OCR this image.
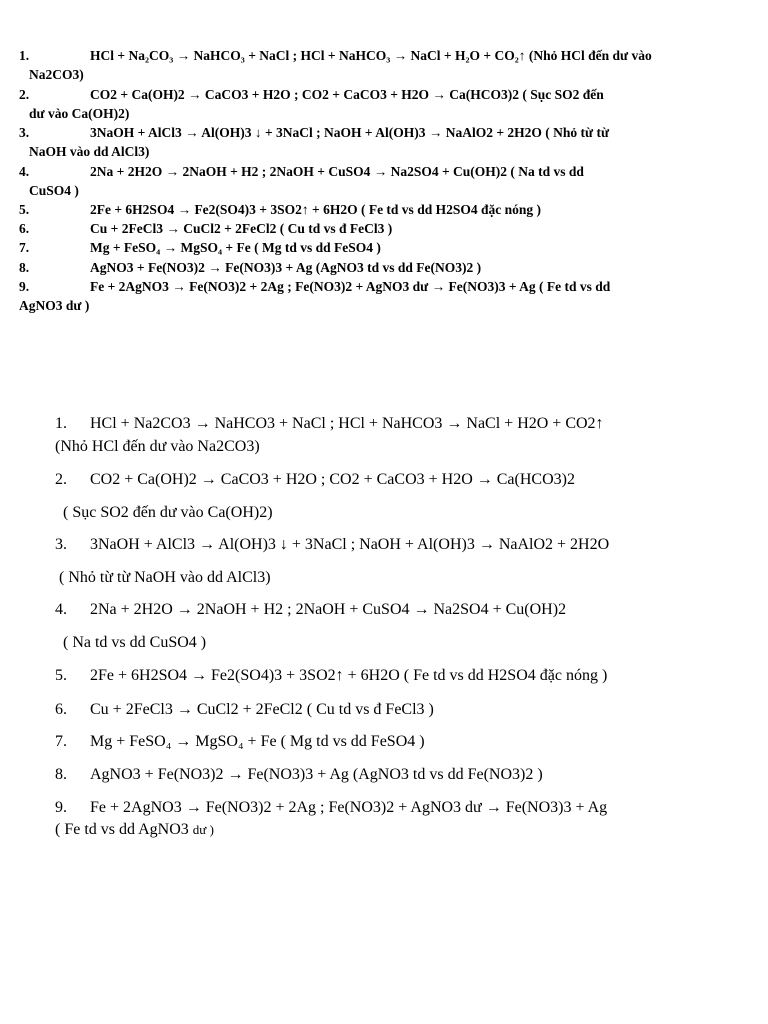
1.	HCl + Na₂CO₃ → NaHCO₃ + NaCl ; HCl + NaHCO₃ → NaCl + H₂O + CO₂↑ (Nhỏ HCl đến dư vào
Na2CO3)
2.	CO2 + Ca(OH)2 → CaCO3 + H2O ; CO2 + CaCO3 + H2O → Ca(HCO3)2 ( Sục SO2 đến
dư vào Ca(OH)2)
3.	3NaOH + AlCl3 → Al(OH)3 ↓ + 3NaCl ; NaOH + Al(OH)3 → NaAlO2 + 2H2O ( Nhỏ từ từ
NaOH vào dd AlCl3)
4.	2Na + 2H2O → 2NaOH + H2 ; 2NaOH + CuSO4 → Na2SO4 + Cu(OH)2 ( Na td vs dd
CuSO4 )
5.	2Fe + 6H2SO4 → Fe2(SO4)3 + 3SO2↑ + 6H2O ( Fe td vs dd H2SO4 đặc nóng )
6.	Cu + 2FeCl3 → CuCl2 + 2FeCl2 ( Cu td vs đ FeCl3 )
7.	Mg + FeSO₄ → MgSO₄ + Fe ( Mg td vs dd FeSO4 )
8.	AgNO3 + Fe(NO3)2 → Fe(NO3)3 + Ag (AgNO3 td vs dd Fe(NO3)2 )
9.	Fe + 2AgNO3 → Fe(NO3)2 + 2Ag ; Fe(NO3)2 + AgNO3 dư → Fe(NO3)3 + Ag ( Fe td vs dd
AgNO3 dư )
1. HCl + Na2CO3 → NaHCO3 + NaCl ; HCl + NaHCO3 → NaCl + H2O + CO2↑
(Nhỏ HCl đến dư vào Na2CO3)
2. CO2 + Ca(OH)2 → CaCO3 + H2O ; CO2 + CaCO3 + H2O → Ca(HCO3)2
( Sục SO2 đến dư vào Ca(OH)2)
3. 3NaOH + AlCl3 → Al(OH)3 ↓ + 3NaCl ; NaOH + Al(OH)3 → NaAlO2 + 2H2O
( Nhỏ từ từ NaOH vào dd AlCl3)
4. 2Na + 2H2O → 2NaOH + H2 ; 2NaOH + CuSO4 → Na2SO4 + Cu(OH)2
( Na td vs dd CuSO4 )
5. 2Fe + 6H2SO4 → Fe2(SO4)3 + 3SO2↑ + 6H2O ( Fe td vs dd H2SO4 đặc nóng )
6. Cu + 2FeCl3 → CuCl2 + 2FeCl2 ( Cu td vs đ FeCl3 )
7. Mg + FeSO₄ → MgSO₄ + Fe ( Mg td vs dd FeSO4 )
8. AgNO3 + Fe(NO3)2 → Fe(NO3)3 + Ag (AgNO3 td vs dd Fe(NO3)2 )
9. Fe + 2AgNO3 → Fe(NO3)2 + 2Ag ; Fe(NO3)2 + AgNO3 dư → Fe(NO3)3 + Ag
( Fe td vs dd AgNO3 dư )
